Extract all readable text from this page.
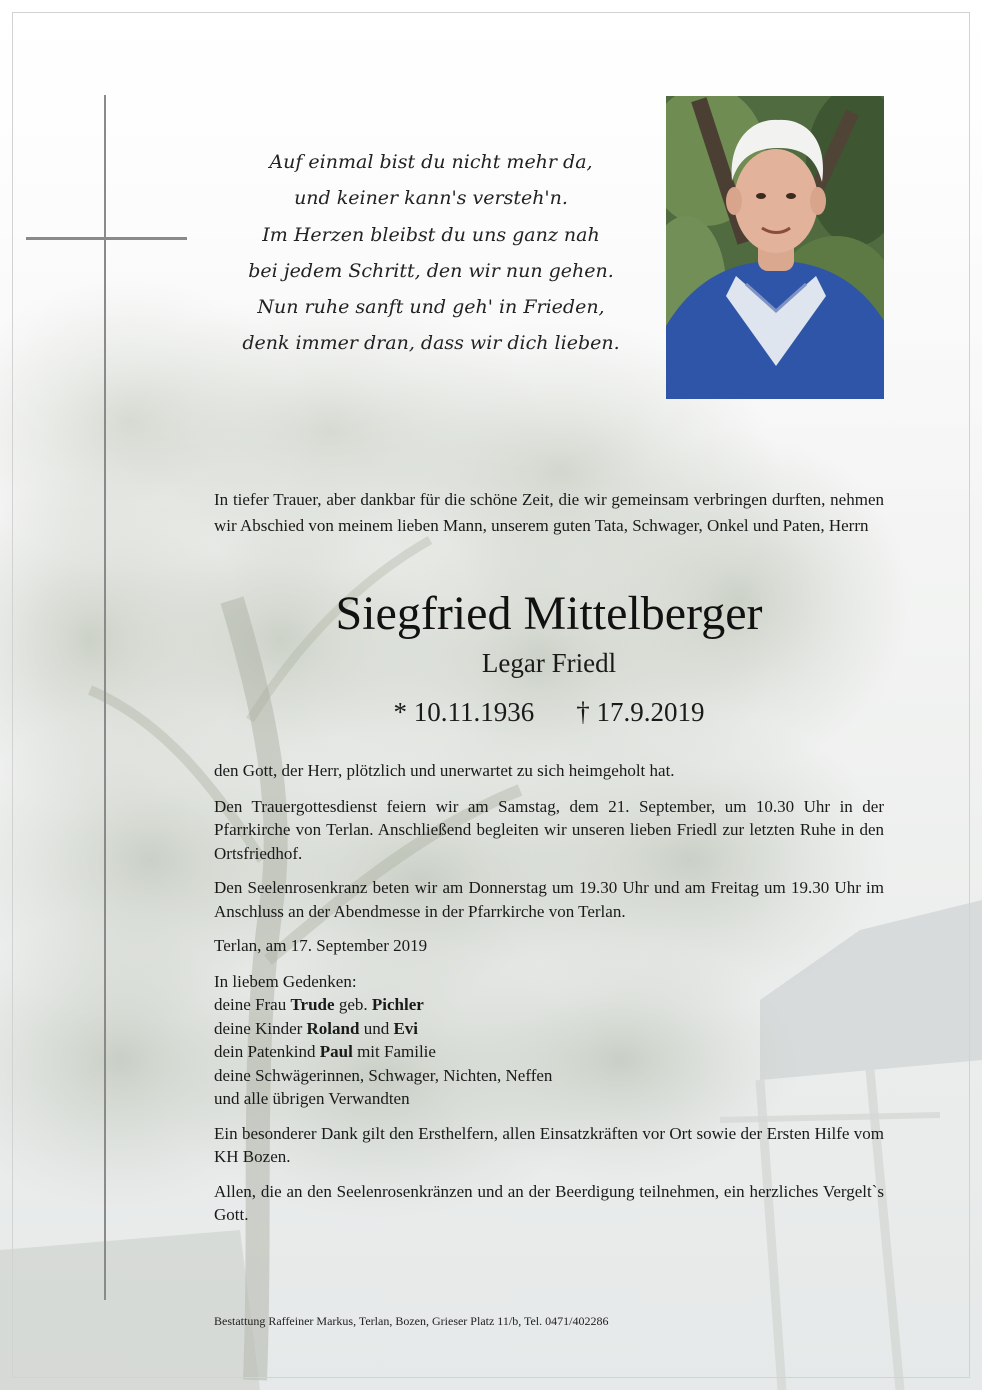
Auf einmal bist du nicht mehr da,
und keiner kann's versteh'n.
Im Herzen bleibst du uns ganz nah
bei jedem Schritt, den wir nun gehen.
Nun ruhe sanft und geh' in Frieden,
denk immer dran, dass wir dich lieben.
In tiefer Trauer, aber dankbar für die schöne Zeit, die wir gemeinsam verbringen durften, nehmen wir Abschied von meinem lieben Mann, unserem guten Tata, Schwager, Onkel und Paten, Herrn
Siegfried Mittelberger
Legar Friedl
* 10.11.1936 † 17.9.2019

den Gott, der Herr, plötzlich und unerwartet zu sich heimgeholt hat.

Den Trauergottesdienst feiern wir am Samstag, dem 21. September, um 10.30 Uhr in der Pfarrkirche von Terlan. Anschließend begleiten wir unseren lieben Friedl zur letzten Ruhe in den Ortsfriedhof.

Den Seelenrosenkranz beten wir am Donnerstag um 19.30 Uhr und am Freitag um 19.30 Uhr im Anschluss an der Abendmesse in der Pfarrkirche von Terlan.

Terlan, am 17. September 2019

In liebem Gedenken:
deine Frau Trude geb. Pichler
deine Kinder Roland und Evi
dein Patenkind Paul mit Familie
deine Schwägerinnen, Schwager, Nichten, Neffen
und alle übrigen Verwandten

Ein besonderer Dank gilt den Ersthelfern, allen Einsatzkräften vor Ort sowie der Ersten Hilfe vom KH Bozen.

Allen, die an den Seelenrosenkränzen und an der Beerdigung teilnehmen, ein herzliches Vergelt`s Gott.

Bestattung Raffeiner Markus, Terlan, Bozen, Grieser Platz 11/b, Tel. 0471/402286
